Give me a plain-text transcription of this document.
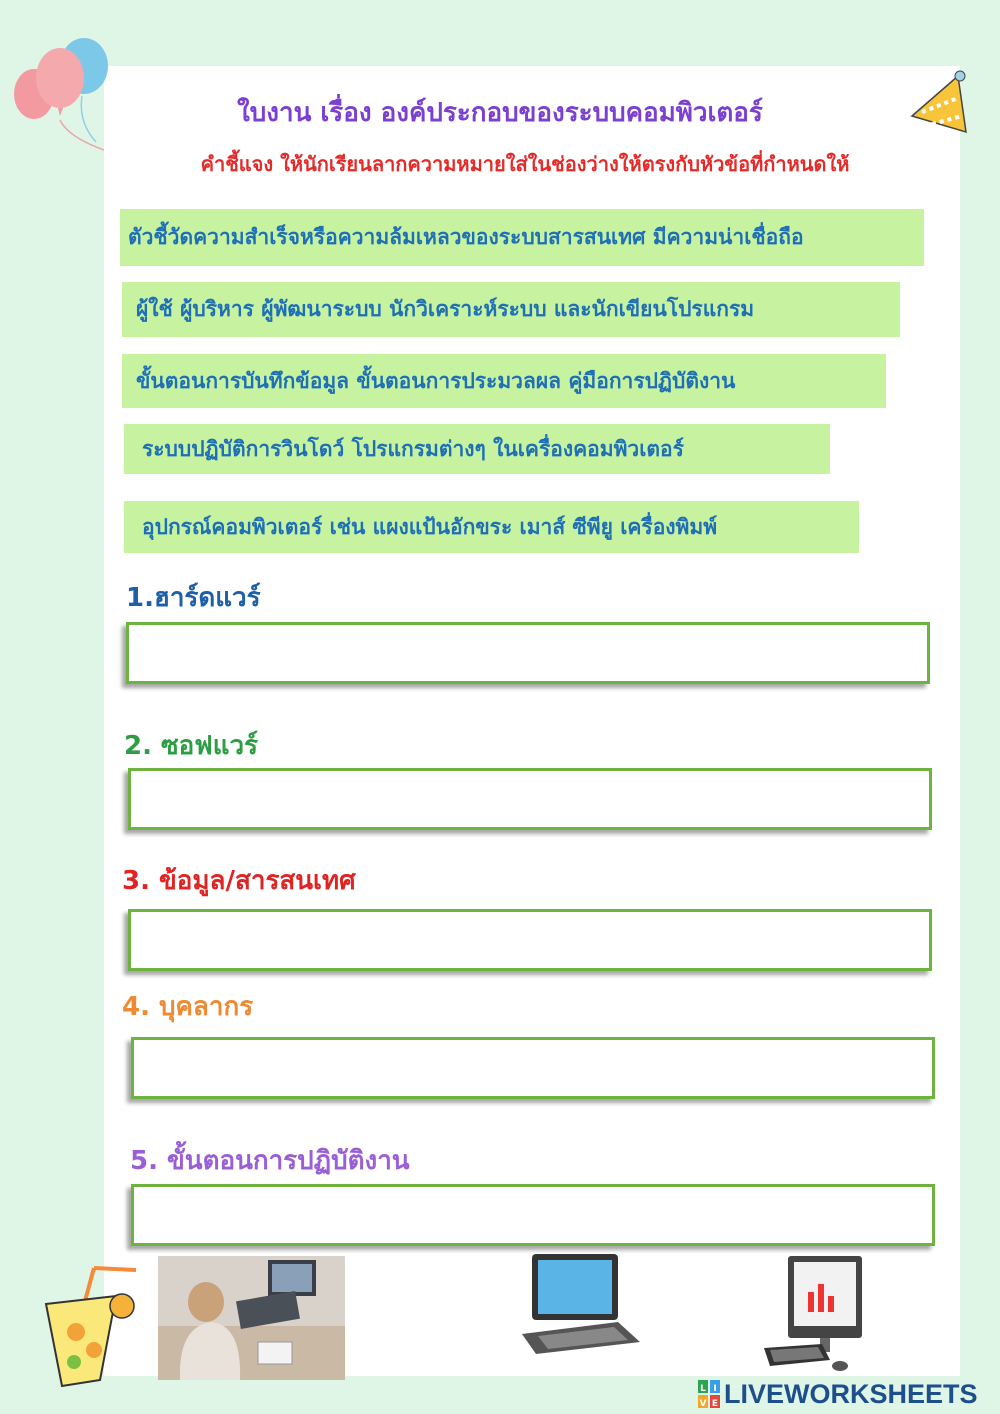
ใบงาน เรื่อง องค์ประกอบของระบบคอมพิวเตอร์
คำชี้แจง ให้นักเรียนลากความหมายใส่ในช่องว่างให้ตรงกับหัวข้อที่กำหนดให้
ตัวชี้วัดความสำเร็จหรือความล้มเหลวของระบบสารสนเทศ มีความน่าเชื่อถือ
ผู้ใช้ ผู้บริหาร ผู้พัฒนาระบบ นักวิเคราะห์ระบบ และนักเขียนโปรแกรม
ขั้นตอนการบันทึกข้อมูล ขั้นตอนการประมวลผล คู่มือการปฏิบัติงาน
ระบบปฏิบัติการวินโดว์ โปรแกรมต่างๆ ในเครื่องคอมพิวเตอร์
อุปกรณ์คอมพิวเตอร์ เช่น แผงแป้นอักขระ เมาส์ ซีพียู เครื่องพิมพ์
1.ฮาร์ดแวร์
2. ซอฟแวร์
3. ข้อมูล/สารสนเทศ
4. บุคลากร
5. ขั้นตอนการปฏิบัติงาน
L I
V E LIVEWORKSHEETS
